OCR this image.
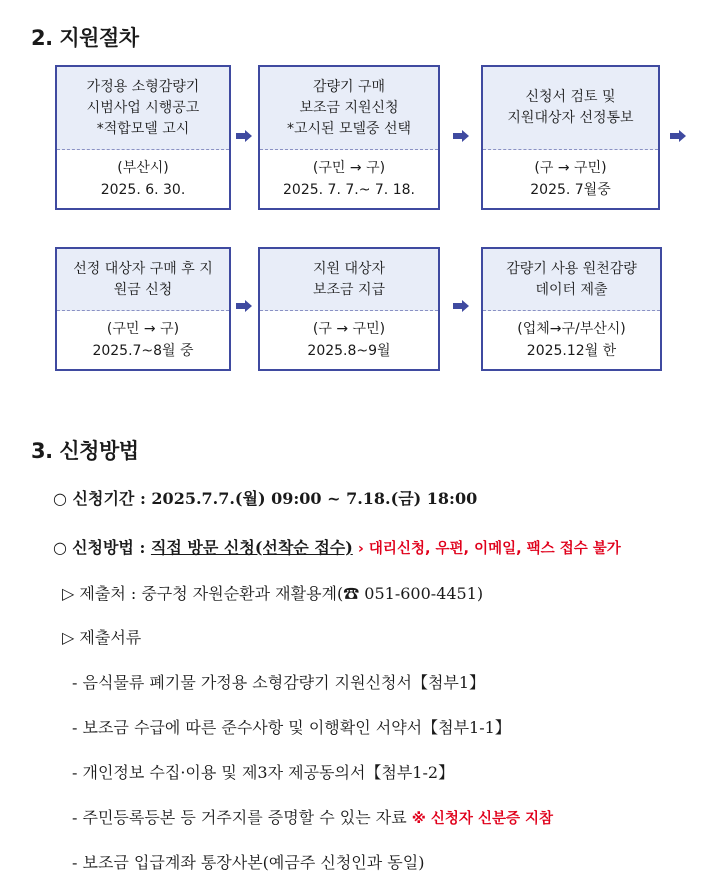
2. 지원절차
가정용 소형감량기
시범사업 시행공고
*적합모델 고시
(부산시)
2025. 6. 30.
감량기 구매
보조금 지원신청
*고시된 모델중 선택
(구민 → 구)
2025. 7. 7.~ 7. 18.
신청서 검토 및
지원대상자 선정통보
(구 → 구민)
2025. 7월중
선정 대상자 구매 후 지
원금 신청
(구민 → 구)
2025.7~8월 중
지원 대상자
보조금 지급
(구 → 구민)
2025.8~9월
감량기 사용 원천감량
데이터 제출
(업체→구/부산시)
2025.12월 한
3. 신청방법
○ 신청기간 : 2025.7.7.(월) 09:00 ~ 7.18.(금) 18:00
○ 신청방법 : 직접 방문 신청(선착순 접수) › 대리신청, 우편, 이메일, 팩스 접수 불가
▷ 제출처 : 중구청 자원순환과 재활용계(☎ 051-600-4451)
▷ 제출서류
- 음식물류 폐기물 가정용 소형감량기 지원신청서【첨부1】
- 보조금 수급에 따른 준수사항 및 이행확인 서약서【첨부1-1】
- 개인정보 수집·이용 및 제3자 제공동의서【첨부1-2】
- 주민등록등본 등 거주지를 증명할 수 있는 자료 ※ 신청자 신분증 지참
- 보조금 입급계좌 통장사본(예금주 신청인과 동일)
